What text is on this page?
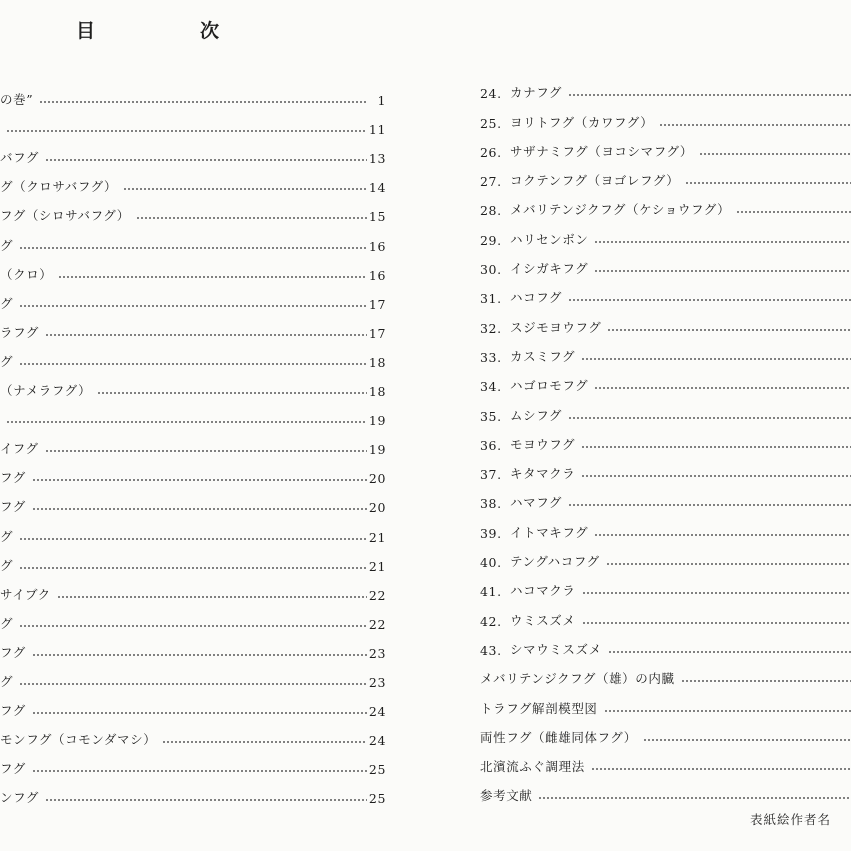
目	次
の巻”	1
11
バフグ	13
グ（クロサバフグ）	14
フグ（シロサバフグ）	15
グ	16
（クロ）	16
グ	17
ラフグ	17
グ	18
（ナメラフグ）	18
19
イフグ	19
フグ	20
フグ	20
グ	21
グ	21
サイブク	22
グ	22
フグ	23
グ	23
フグ	24
モンフグ（コモンダマシ）	24
フグ	25
ンフグ	25
24. カナフグ
25. ヨリトフグ（カワフグ）
26. サザナミフグ（ヨコシマフグ）
27. コクテンフグ（ヨゴレフグ）
28. メバリテンジクフグ（ケショウフグ）
29. ハリセンボン
30. イシガキフグ
31. ハコフグ
32. スジモヨウフグ
33. カスミフグ
34. ハゴロモフグ
35. ムシフグ
36. モヨウフグ
37. キタマクラ
38. ハマフグ
39. イトマキフグ
40. テングハコフグ
41. ハコマクラ
42. ウミスズメ
43. シマウミスズメ
メバリテンジクフグ（雄）の内臓
トラフグ解剖模型図
両性フグ（雌雄同体フグ）
北濱流ふぐ調理法
参考文献
表紙絵作者名
